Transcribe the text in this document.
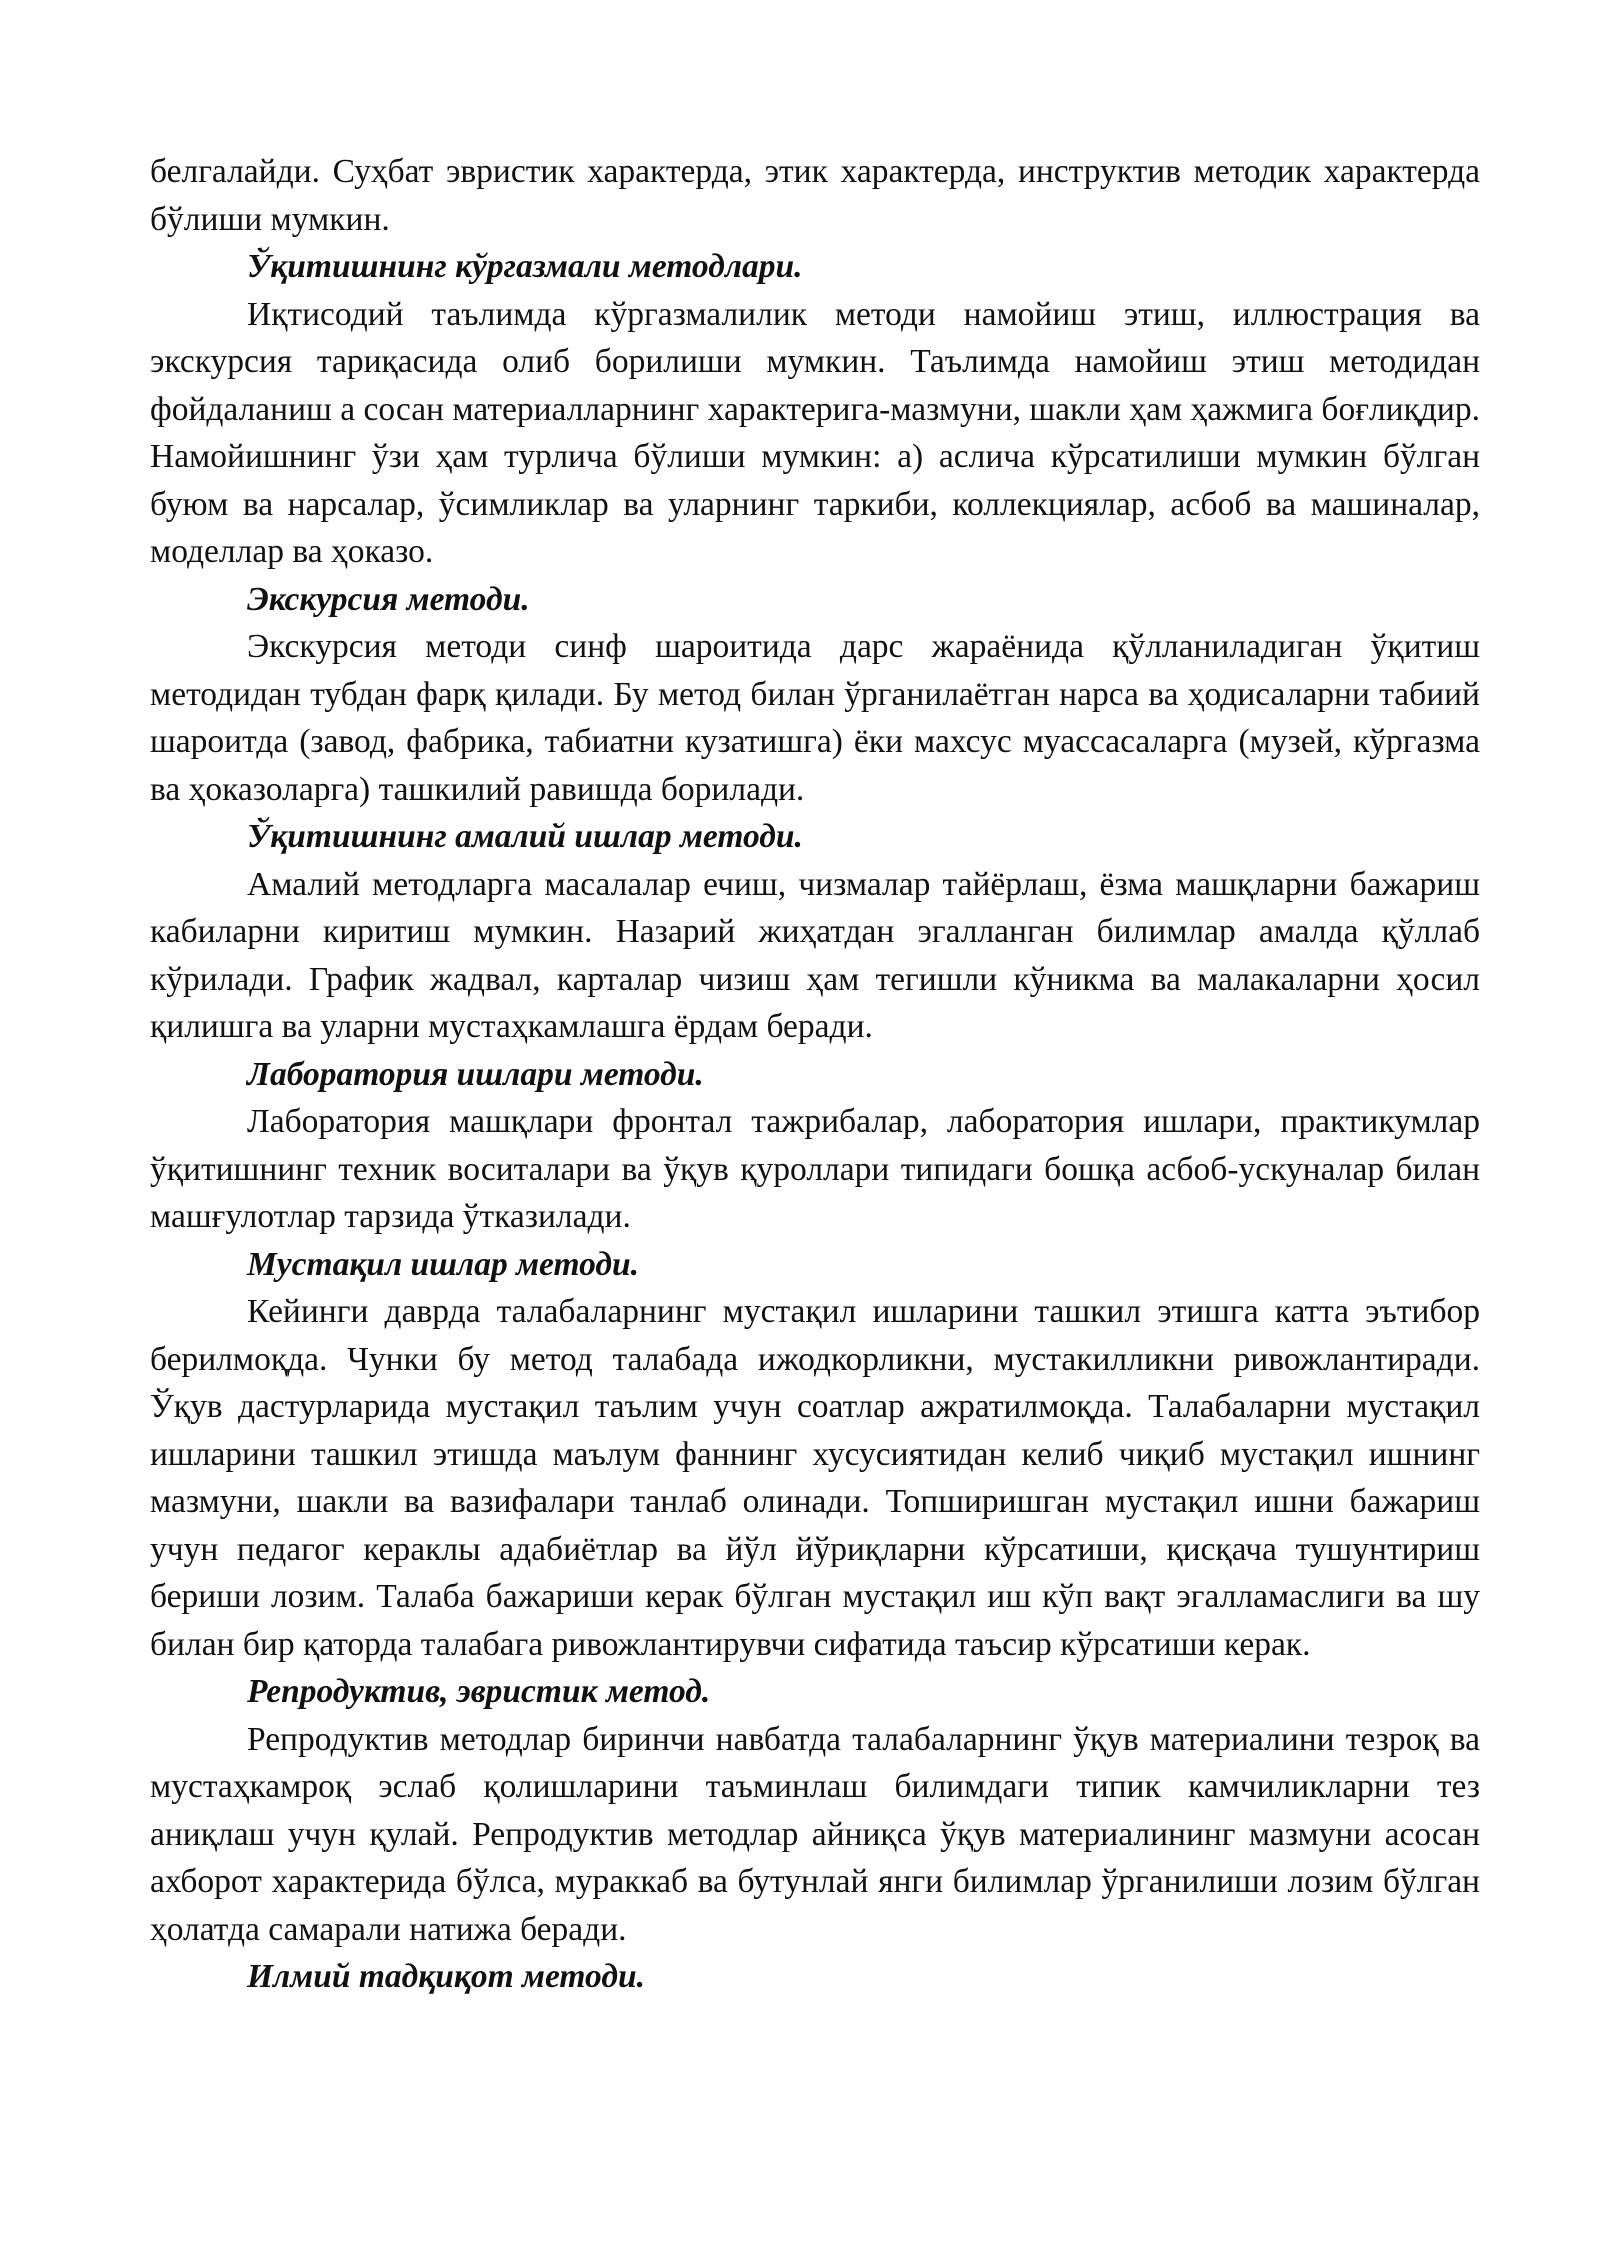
белгалайди. Суҳбат эвристик характерда, этик характерда, инструктив методик характерда бўлиши мумкин.

Ўқитишнинг кўргазмали методлари.

Иқтисодий таълимда кўргазмалилик методи намойиш этиш, иллюстрация ва экскурсия тариқасида олиб борилиши мумкин. Таълимда намойиш этиш методидан фойдаланиш а сосан материалларнинг характерига-мазмуни, шакли ҳам ҳажмига боғлиқдир. Намойишнинг ўзи ҳам турлича бўлиши мумкин: а) аслича кўрсатилиши мумкин бўлган буюм ва нарсалар, ўсимликлар ва уларнинг таркиби, коллекциялар, асбоб ва машиналар, моделлар ва ҳоказо.

Экскурсия методи.

Экскурсия методи синф шароитида дарс жараёнида қўлланиладиган ўқитиш методидан тубдан фарқ қилади. Бу метод билан ўрганилаётган нарса ва ҳодисаларни табиий шароитда (завод, фабрика, табиатни кузатишга) ёки махсус муассасаларга (музей, кўргазма ва ҳоказоларга) ташкилий равишда борилади.

Ўқитишнинг амалий ишлар методи.

Амалий методларга масалалар ечиш, чизмалар тайёрлаш, ёзма машқларни бажариш кабиларни киритиш мумкин. Назарий жиҳатдан эгалланган билимлар амалда қўллаб кўрилади. График жадвал, карталар чизиш ҳам тегишли кўникма ва малакаларни ҳосил қилишга ва уларни мустаҳкамлашга ёрдам беради.

Лаборатория ишлари методи.

Лаборатория машқлари фронтал тажрибалар, лаборатория ишлари, практикумлар ўқитишнинг техник воситалари ва ўқув қуроллари типидаги бошқа асбоб-ускуналар билан машғулотлар тарзида ўтказилади.

Мустақил ишлар методи.

Кейинги даврда талабаларнинг мустақил ишларини ташкил этишга катта эътибор берилмоқда. Чунки бу метод талабада ижодкорликни, мустакилликни ривожлантиради. Ўқув дастурларида мустақил таълим учун соатлар ажратилмоқда. Талабаларни мустақил ишларини ташкил этишда маълум фаннинг хусусиятидан келиб чиқиб мустақил ишнинг мазмуни, шакли ва вазифалари танлаб олинади. Топширишган мустақил ишни бажариш учун педагог кераклы адабиётлар ва йўл йўриқларни кўрсатиши, қисқача тушунтириш бериши лозим. Талаба бажариши керак бўлган мустақил иш кўп вақт эгалламаслиги ва шу билан бир қаторда талабага ривожлантирувчи сифатида таъсир кўрсатиши керак.

Репродуктив, эвристик метод.

Репродуктив методлар биринчи навбатда талабаларнинг ўқув материалини тезроқ ва мустаҳкамроқ эслаб қолишларини таъминлаш билимдаги типик камчиликларни тез аниқлаш учун қулай. Репродуктив методлар айниқса ўқув материалининг мазмуни асосан ахборот характерида бўлса, мураккаб ва бутунлай янги билимлар ўрганилиши лозим бўлган ҳолатда самарали натижа беради.

Илмий тадқиқот методи.
